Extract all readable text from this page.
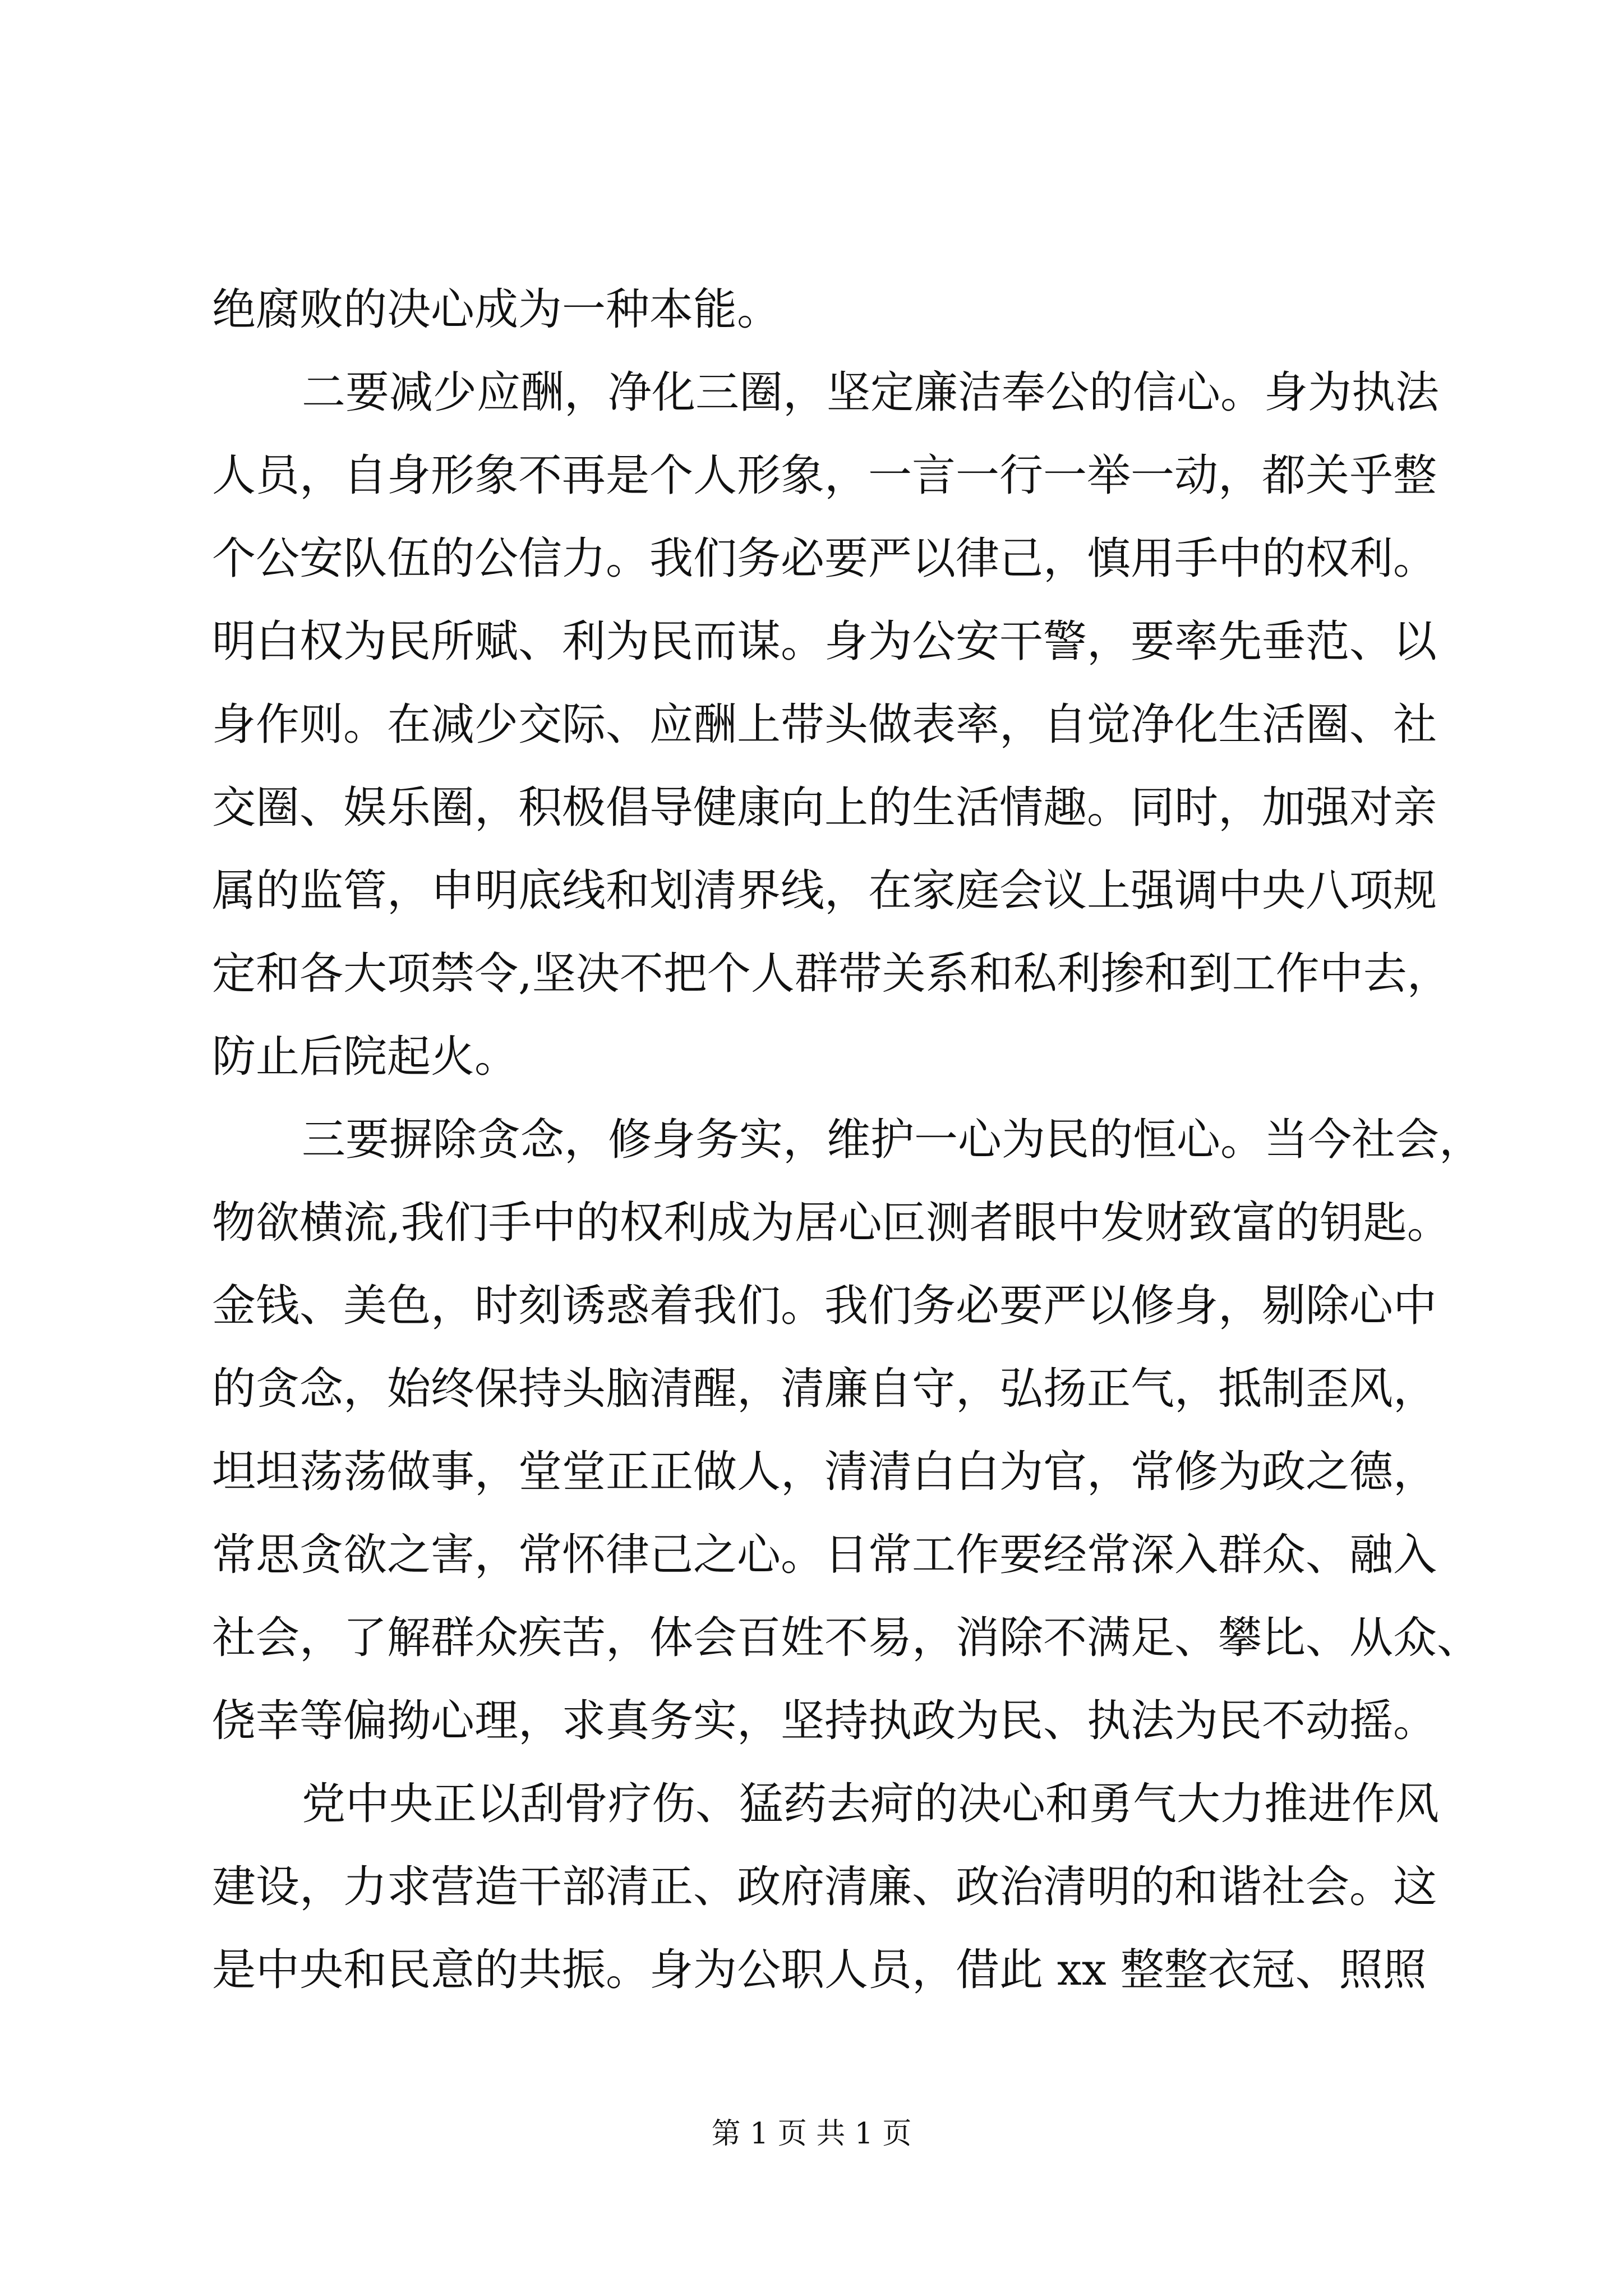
绝腐败的决心成为一种本能。
二要减少应酬，净化三圈，坚定廉洁奉公的信心。身为执法
人员，自身形象不再是个人形象，一言一行一举一动，都关乎整
个公安队伍的公信力。我们务必要严以律己，慎用手中的权利。
明白权为民所赋、利为民而谋。身为公安干警，要率先垂范、以
身作则。在减少交际、应酬上带头做表率，自觉净化生活圈、社
交圈、娱乐圈，积极倡导健康向上的生活情趣。同时，加强对亲
属的监管，申明底线和划清界线，在家庭会议上强调中央八项规
定和各大项禁令,坚决不把个人群带关系和私利掺和到工作中去，
防止后院起火。
三要摒除贪念，修身务实，维护一心为民的恒心。当今社会，
物欲横流,我们手中的权利成为居心叵测者眼中发财致富的钥匙。
金钱、美色，时刻诱惑着我们。我们务必要严以修身，剔除心中
的贪念，始终保持头脑清醒，清廉自守，弘扬正气，抵制歪风，
坦坦荡荡做事，堂堂正正做人，清清白白为官，常修为政之德，
常思贪欲之害，常怀律己之心。日常工作要经常深入群众、融入
社会，了解群众疾苦，体会百姓不易，消除不满足、攀比、从众、
侥幸等偏拗心理，求真务实，坚持执政为民、执法为民不动摇。
党中央正以刮骨疗伤、猛药去疴的决心和勇气大力推进作风
建设，力求营造干部清正、政府清廉、政治清明的和谐社会。这
是中央和民意的共振。身为公职人员，借此 xx 整整衣冠、照照
第 1 页 共 1 页
